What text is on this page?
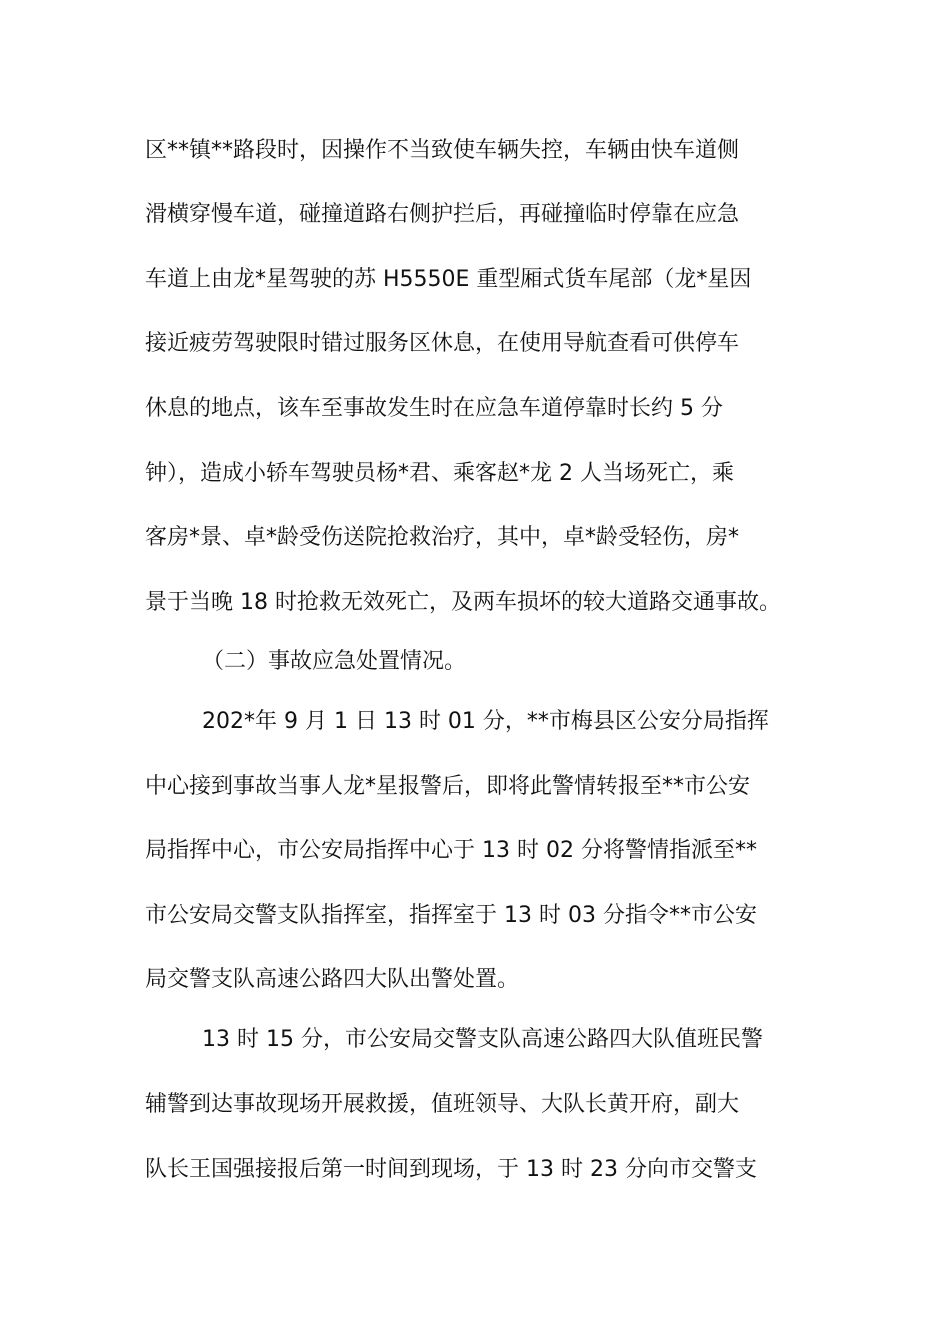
区**镇**路段时，因操作不当致使车辆失控，车辆由快车道侧
滑横穿慢车道，碰撞道路右侧护拦后，再碰撞临时停靠在应急
车道上由龙*星驾驶的苏 H5550E 重型厢式货车尾部（龙*星因
接近疲劳驾驶限时错过服务区休息，在使用导航查看可供停车
休息的地点，该车至事故发生时在应急车道停靠时长约 5 分
钟），造成小轿车驾驶员杨*君、乘客赵*龙 2 人当场死亡，乘
客房*景、卓*龄受伤送院抢救治疗，其中，卓*龄受轻伤，房*
景于当晚 18 时抢救无效死亡，及两车损坏的较大道路交通事故。
（二）事故应急处置情况。
202*年 9 月 1 日 13 时 01 分，**市梅县区公安分局指挥
中心接到事故当事人龙*星报警后，即将此警情转报至**市公安
局指挥中心，市公安局指挥中心于 13 时 02 分将警情指派至**
市公安局交警支队指挥室，指挥室于 13 时 03 分指令**市公安
局交警支队高速公路四大队出警处置。
13 时 15 分，市公安局交警支队高速公路四大队值班民警
辅警到达事故现场开展救援，值班领导、大队长黄开府，副大
队长王国强接报后第一时间到现场，于 13 时 23 分向市交警支
